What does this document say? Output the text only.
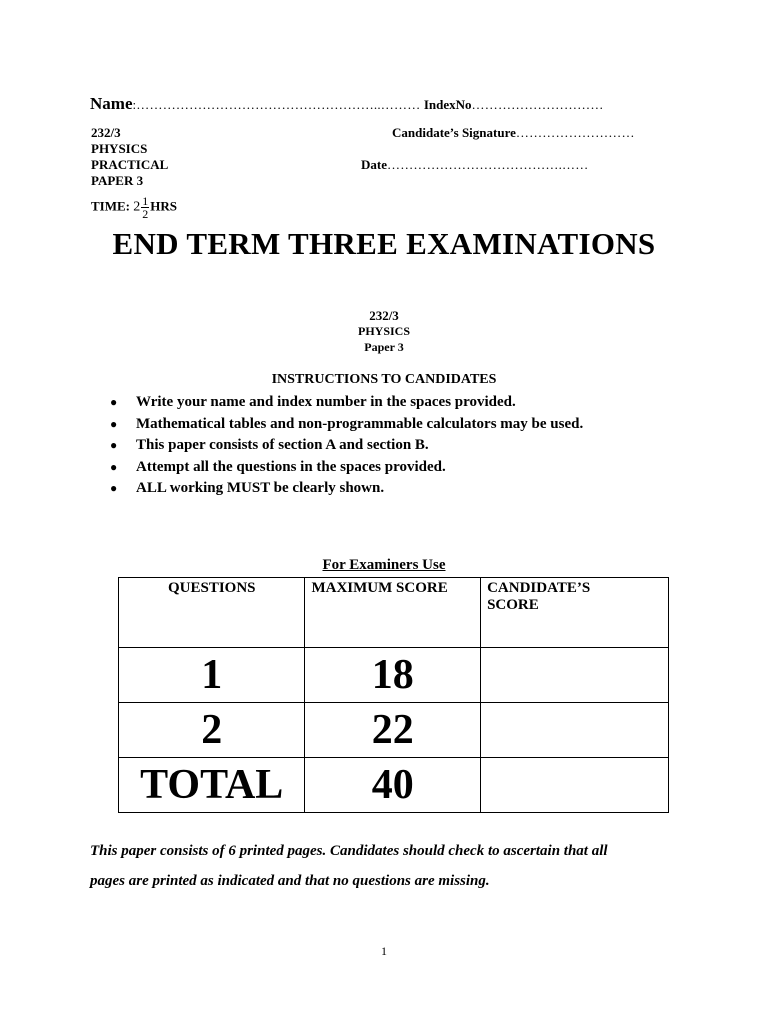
Name:………………………………………………..……… IndexNo…………………………
232/3
PHYSICS
PRACTICAL
PAPER 3
Candidate’s Signature………………………
Date………………………………….……
TIME: $2 \frac{1}{2}$ HRS
END TERM THREE EXAMINATIONS
232/3
PHYSICS
Paper 3
INSTRUCTIONS TO CANDIDATES
● Write your name and index number in the spaces provided.
● Mathematical tables and non-programmable calculators may be used.
● This paper consists of section A and section B.
● Attempt all the questions in the spaces provided.
● ALL working MUST be clearly shown.
For Examiners Use
QUESTIONS	MAXIMUM SCORE	CANDIDATE’S SCORE

1	18	
2	22	
TOTAL	40	
This paper consists of 6 printed pages. Candidates should check to ascertain that all
pages are printed as indicated and that no questions are missing.
1
